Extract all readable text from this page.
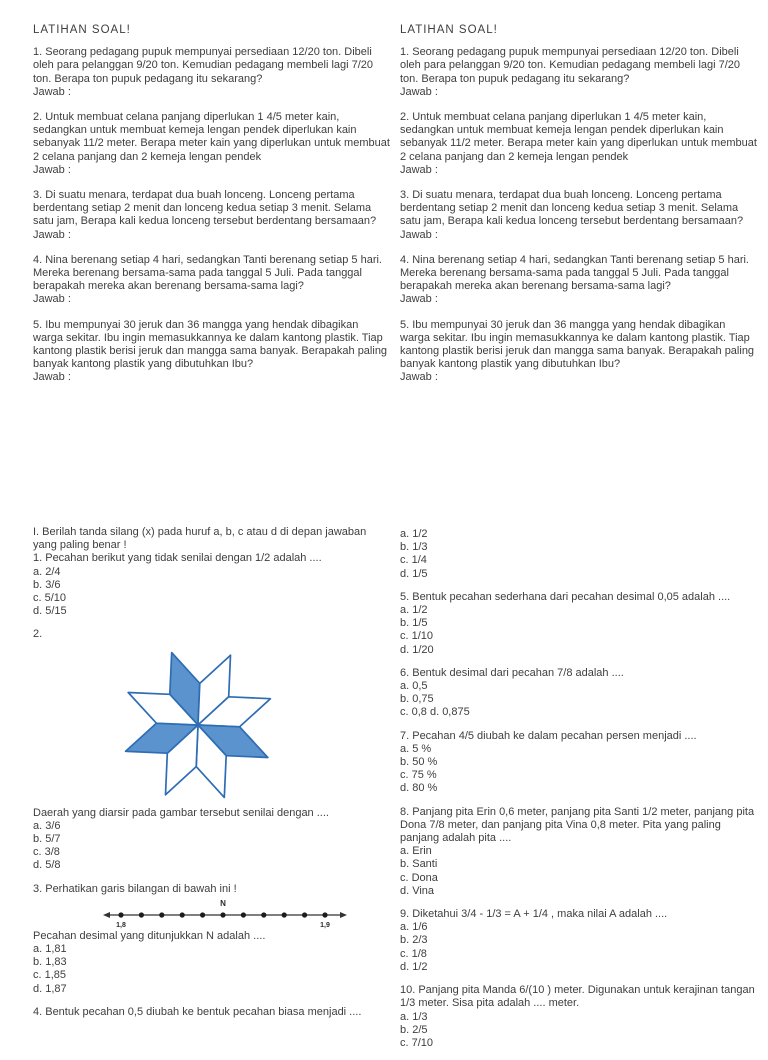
LATIHAN SOAL!

1. Seorang pedagang pupuk mempunyai persediaan 12/20 ton. Dibeli oleh para pelanggan 9/20 ton. Kemudian pedagang membeli lagi 7/20 ton. Berapa ton pupuk pedagang itu sekarang?

Jawab :

2. Untuk membuat celana panjang diperlukan 1 4/5 meter kain, sedangkan untuk membuat kemeja lengan pendek diperlukan kain sebanyak 11/2 meter. Berapa meter kain yang diperlukan untuk membuat 2 celana panjang dan 2 kemeja lengan pendek

Jawab :

3. Di suatu menara, terdapat dua buah lonceng. Lonceng pertama berdentang setiap 2 menit dan lonceng kedua setiap 3 menit. Selama satu jam, Berapa kali kedua lonceng tersebut berdentang bersamaan?

Jawab :

4. Nina berenang setiap 4 hari, sedangkan Tanti berenang setiap 5 hari. Mereka berenang bersama-sama pada tanggal 5 Juli. Pada tanggal berapakah mereka akan berenang bersama-sama lagi?

Jawab :

5. Ibu mempunyai 30 jeruk dan 36 mangga yang hendak dibagikan warga sekitar. Ibu ingin memasukkannya ke dalam kantong plastik. Tiap kantong plastik berisi jeruk dan mangga sama banyak. Berapakah paling banyak kantong plastik yang dibutuhkan Ibu?

Jawab :

LATIHAN SOAL!

1. Seorang pedagang pupuk mempunyai persediaan 12/20 ton. Dibeli oleh para pelanggan 9/20 ton. Kemudian pedagang membeli lagi 7/20 ton. Berapa ton pupuk pedagang itu sekarang?

Jawab :

2. Untuk membuat celana panjang diperlukan 1 4/5 meter kain, sedangkan untuk membuat kemeja lengan pendek diperlukan kain sebanyak 11/2 meter. Berapa meter kain yang diperlukan untuk membuat 2 celana panjang dan 2 kemeja lengan pendek

Jawab :

3. Di suatu menara, terdapat dua buah lonceng. Lonceng pertama berdentang setiap 2 menit dan lonceng kedua setiap 3 menit. Selama satu jam, Berapa kali kedua lonceng tersebut berdentang bersamaan?

Jawab :

4. Nina berenang setiap 4 hari, sedangkan Tanti berenang setiap 5 hari. Mereka berenang bersama-sama pada tanggal 5 Juli. Pada tanggal berapakah mereka akan berenang bersama-sama lagi?

Jawab :

5. Ibu mempunyai 30 jeruk dan 36 mangga yang hendak dibagikan warga sekitar. Ibu ingin memasukkannya ke dalam kantong plastik. Tiap kantong plastik berisi jeruk dan mangga sama banyak. Berapakah paling banyak kantong plastik yang dibutuhkan Ibu?

Jawab :

I. Berilah tanda silang (x) pada huruf a, b, c atau d di depan jawaban yang paling benar !

1. Pecahan berikut yang tidak senilai dengan 1/2 adalah ....

a. 2/4
b. 3/6
c. 5/10
d. 5/15

2.

Daerah yang diarsir pada gambar tersebut senilai dengan ....

a. 3/6
b. 5/7
c. 3/8
d. 5/8

3. Perhatikan garis bilangan di bawah ini !

N
1,8	1,9

Pecahan desimal yang ditunjukkan N adalah ....

a. 1,81
b. 1,83
c. 1,85
d. 1,87

4. Bentuk pecahan 0,5 diubah ke bentuk pecahan biasa menjadi ....

a. 1/2
b. 1/3
c. 1/4
d. 1/5

5. Bentuk pecahan sederhana dari pecahan desimal 0,05 adalah ....

a. 1/2
b. 1/5
c. 1/10
d. 1/20

6. Bentuk desimal dari pecahan 7/8 adalah ....

a. 0,5
b. 0,75
c. 0,8 d. 0,875

7. Pecahan 4/5 diubah ke dalam pecahan persen menjadi ....

a. 5 %
b. 50 %
c. 75 %
d. 80 %

8. Panjang pita Erin 0,6 meter, panjang pita Santi 1/2 meter, panjang pita Dona 7/8 meter, dan panjang pita Vina 0,8 meter. Pita yang paling panjang adalah pita ....

a. Erin
b. Santi
c. Dona
d. Vina

9. Diketahui 3/4 - 1/3 = A + 1/4 , maka nilai A adalah ....

a. 1/6
b. 2/3
c. 1/8
d. 1/2

10. Panjang pita Manda 6/(10 ) meter. Digunakan untuk kerajinan tangan 1/3 meter. Sisa pita adalah .... meter.

a. 1/3
b. 2/5
c. 7/10
